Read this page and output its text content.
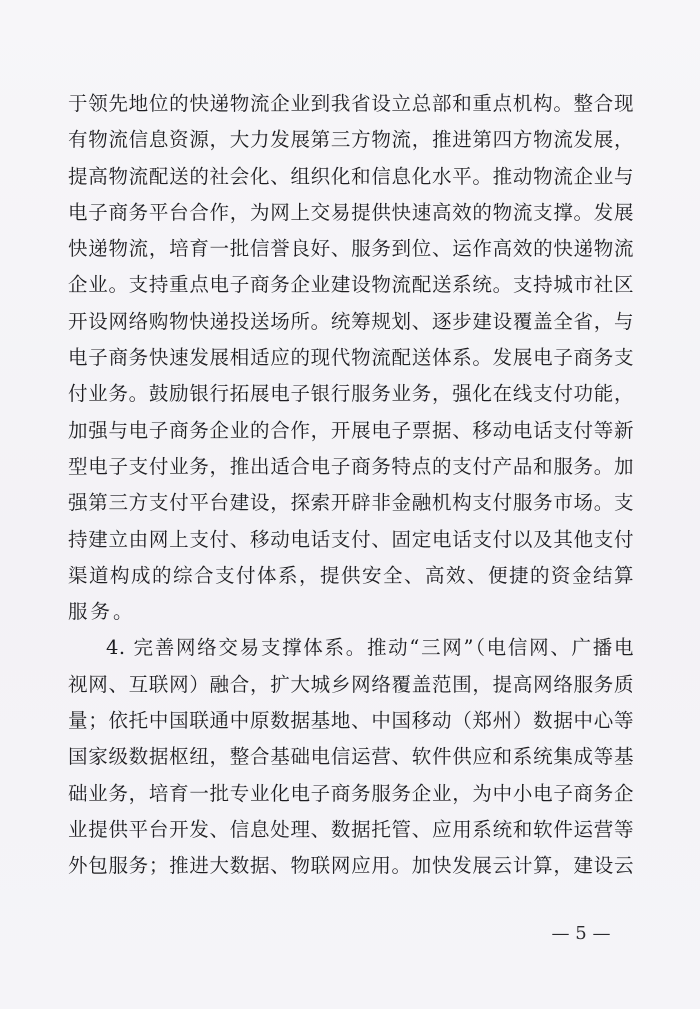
于领先地位的快递物流企业到我省设立总部和重点机构。整合现
有物流信息资源，大力发展第三方物流，推进第四方物流发展，
提高物流配送的社会化、组织化和信息化水平。推动物流企业与
电子商务平台合作，为网上交易提供快速高效的物流支撑。发展
快递物流，培育一批信誉良好、服务到位、运作高效的快递物流
企业。支持重点电子商务企业建设物流配送系统。支持城市社区
开设网络购物快递投送场所。统筹规划、逐步建设覆盖全省，与
电子商务快速发展相适应的现代物流配送体系。发展电子商务支
付业务。鼓励银行拓展电子银行服务业务，强化在线支付功能，
加强与电子商务企业的合作，开展电子票据、移动电话支付等新
型电子支付业务，推出适合电子商务特点的支付产品和服务。加
强第三方支付平台建设，探索开辟非金融机构支付服务市场。支
持建立由网上支付、移动电话支付、固定电话支付以及其他支付
渠道构成的综合支付体系，提供安全、高效、便捷的资金结算
服务。
4. 完善网络交易支撑体系。推动“三网”（电信网、广播电
视网、互联网）融合，扩大城乡网络覆盖范围，提高网络服务质
量；依托中国联通中原数据基地、中国移动（郑州）数据中心等
国家级数据枢纽，整合基础电信运营、软件供应和系统集成等基
础业务，培育一批专业化电子商务服务企业，为中小电子商务企
业提供平台开发、信息处理、数据托管、应用系统和软件运营等
外包服务；推进大数据、物联网应用。加快发展云计算，建设云
— 5 —
